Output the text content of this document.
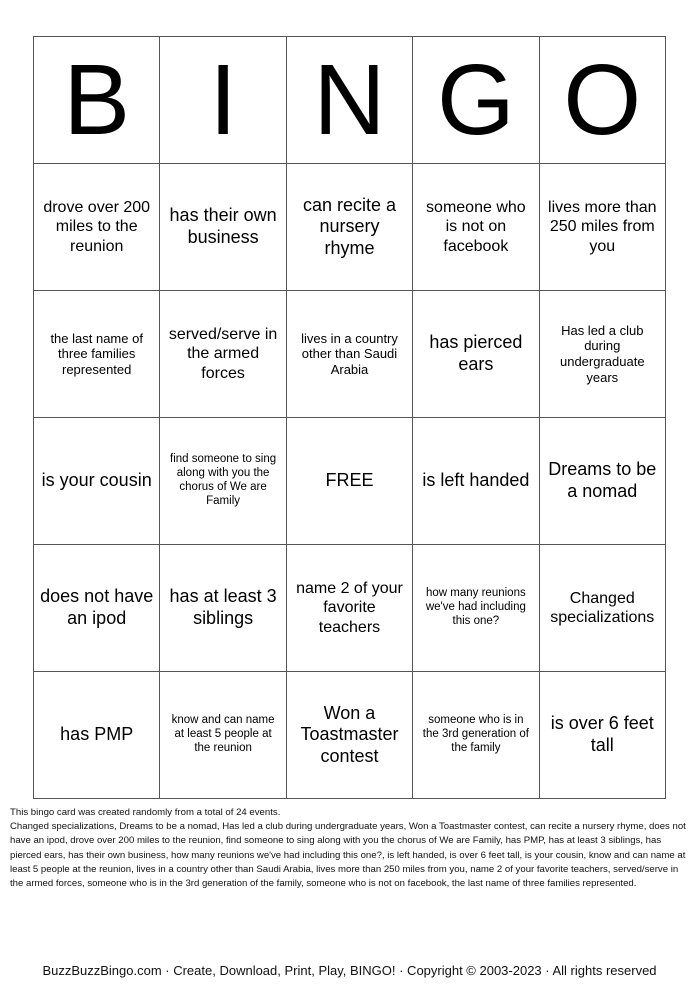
B	I	N	G	O
drove over 200 miles to the reunion	has their own business	can recite a nursery rhyme	someone who is not on facebook	lives more than 250 miles from you
the last name of three families represented	served/serve in the armed forces	lives in a country other than Saudi Arabia	has pierced ears	Has led a club during undergraduate years
is your cousin	find someone to sing along with you the chorus of We are Family	FREE	is left handed	Dreams to be a nomad
does not have an ipod	has at least 3 siblings	name 2 of your favorite teachers	how many reunions we've had including this one?	Changed specializations
has PMP	know and can name at least 5 people at the reunion	Won a Toastmaster contest	someone who is in the 3rd generation of the family	is over 6 feet tall
This bingo card was created randomly from a total of 24 events.
Changed specializations, Dreams to be a nomad, Has led a club during undergraduate years, Won a Toastmaster contest, can recite a nursery rhyme, does not have an ipod, drove over 200 miles to the reunion, find someone to sing along with you the chorus of We are Family, has PMP, has at least 3 siblings, has pierced ears, has their own business, how many reunions we've had including this one?, is left handed, is over 6 feet tall, is your cousin, know and can name at least 5 people at the reunion, lives in a country other than Saudi Arabia, lives more than 250 miles from you, name 2 of your favorite teachers, served/serve in the armed forces, someone who is in the 3rd generation of the family, someone who is not on facebook, the last name of three families represented.
BuzzBuzzBingo.com · Create, Download, Print, Play, BINGO! · Copyright © 2003-2023 · All rights reserved
